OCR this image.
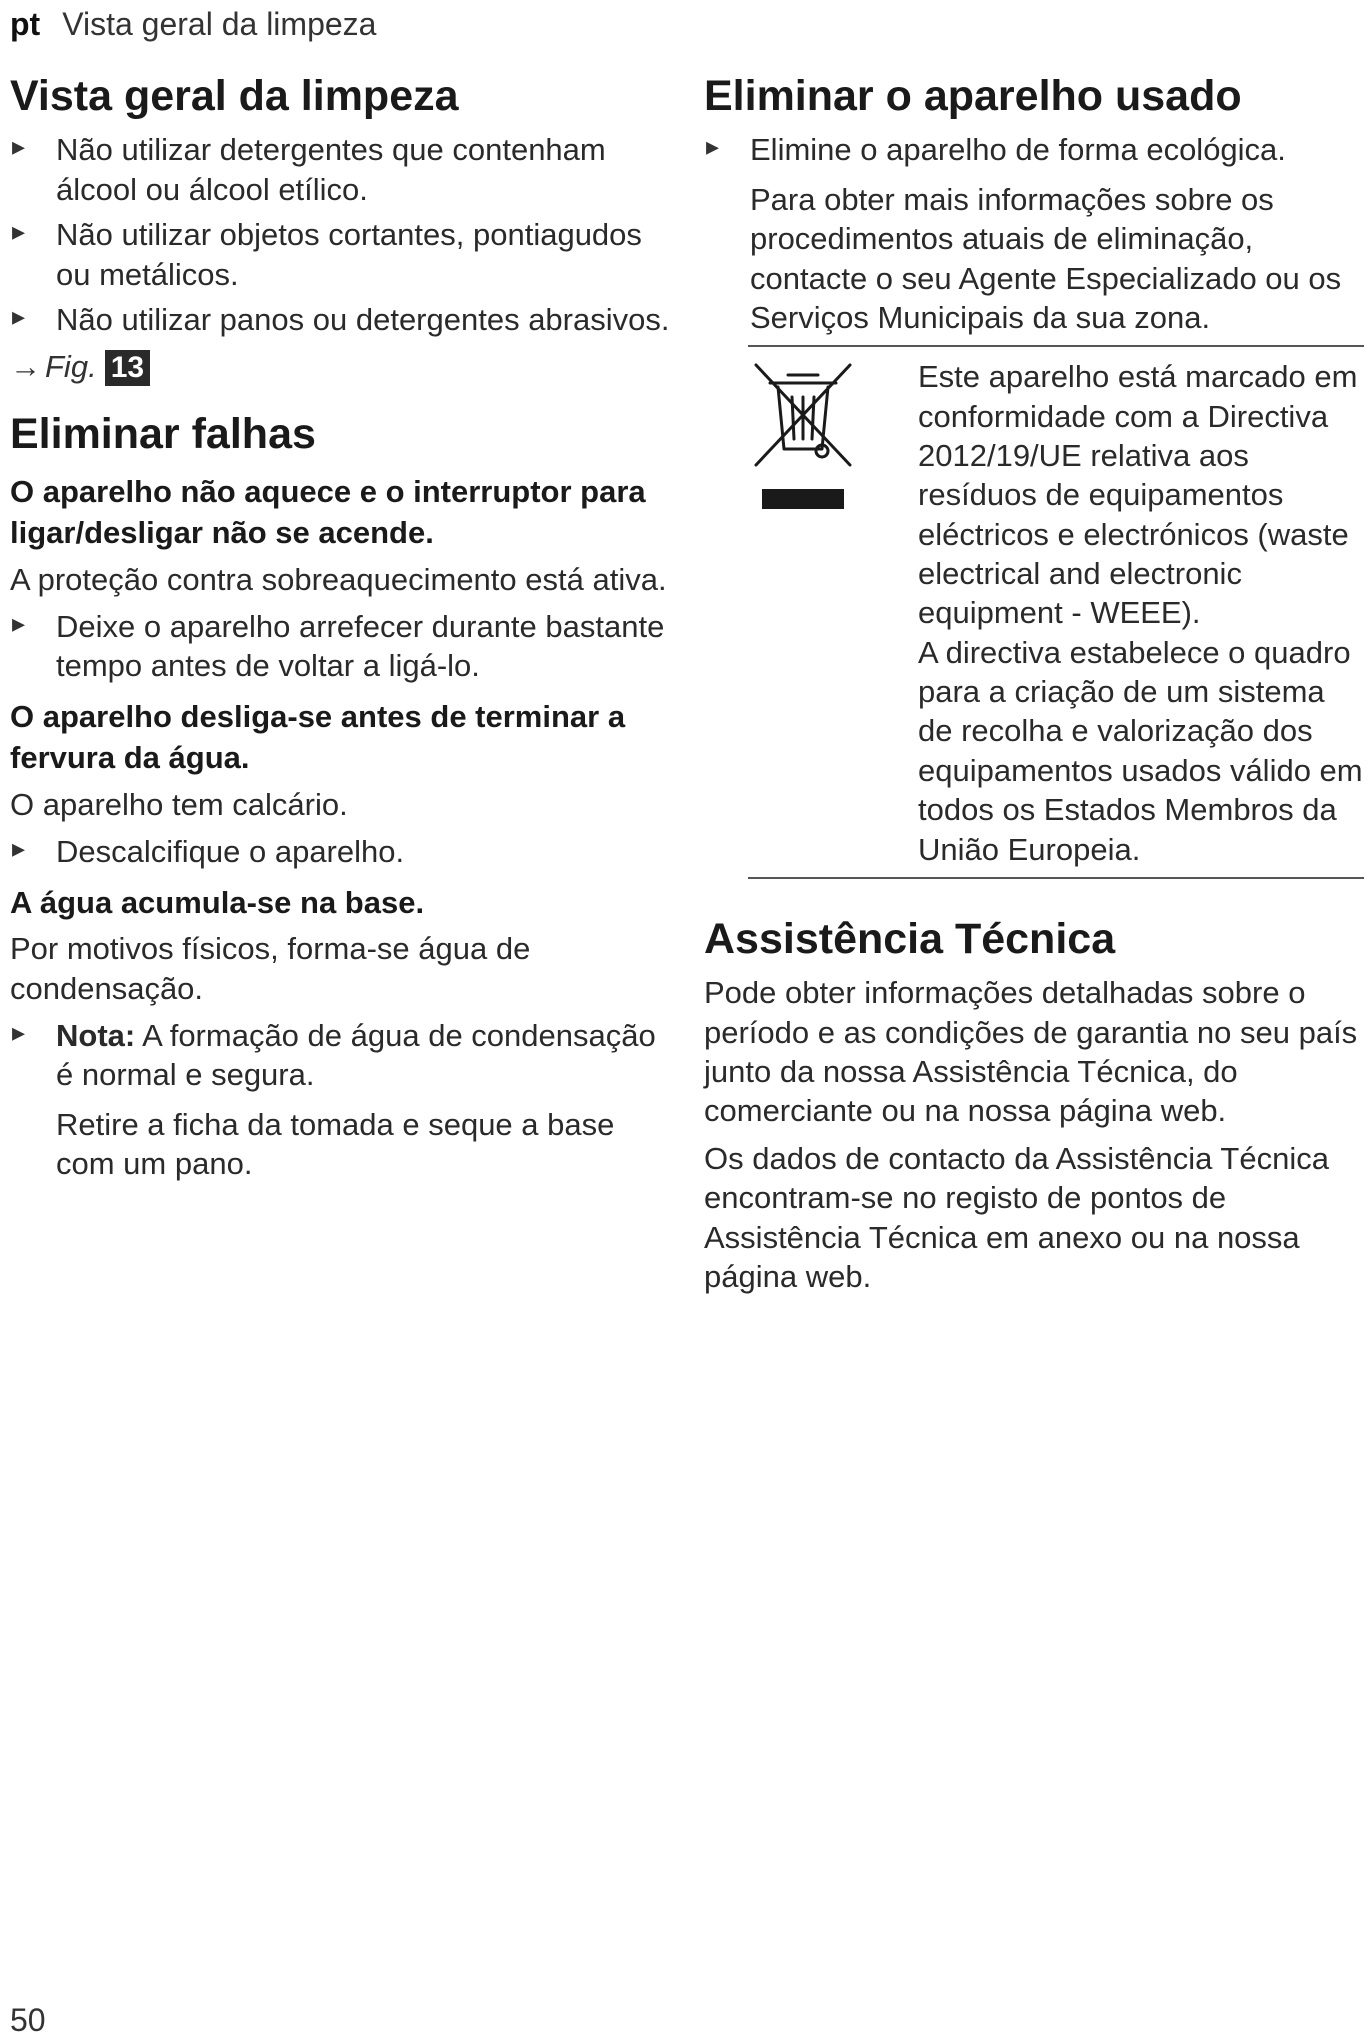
pt Vista geral da limpeza
Vista geral da limpeza
▸ Não utilizar detergentes que contenham álcool ou álcool etílico.
▸ Não utilizar objetos cortantes, pontiagudos ou metálicos.
▸ Não utilizar panos ou detergentes abrasivos.
→ Fig. 13
Eliminar falhas
O aparelho não aquece e o interruptor para ligar/desligar não se acende.

A proteção contra sobreaquecimento está ativa.

▸ Deixe o aparelho arrefecer durante bastante tempo antes de voltar a ligá-lo.
O aparelho desliga-se antes de terminar a fervura da água.

O aparelho tem calcário.

▸ Descalcifique o aparelho.
A água acumula-se na base.

Por motivos físicos, forma-se água de condensação.

▸ Nota: A formação de água de condensação é normal e segura.

Retire a ficha da tomada e seque a base com um pano.

Eliminar o aparelho usado
▸ Elimine o aparelho de forma ecológica.

Para obter mais informações sobre os procedimentos atuais de eliminação, contacte o seu Agente Especializado ou os Serviços Municipais da sua zona.

Este aparelho está marcado em conformidade com a Directiva 2012/19/UE relativa aos resíduos de equipamentos eléctricos e electrónicos (waste electrical and electronic equipment - WEEE).

A directiva estabelece o quadro para a criação de um sistema de recolha e valorização dos equipamentos usados válido em todos os Estados Membros da União Europeia.

Assistência Técnica

Pode obter informações detalhadas sobre o período e as condições de garantia no seu país junto da nossa Assistência Técnica, do comerciante ou na nossa página web.

Os dados de contacto da Assistência Técnica encontram-se no registo de pontos de Assistência Técnica em anexo ou na nossa página web.

50
